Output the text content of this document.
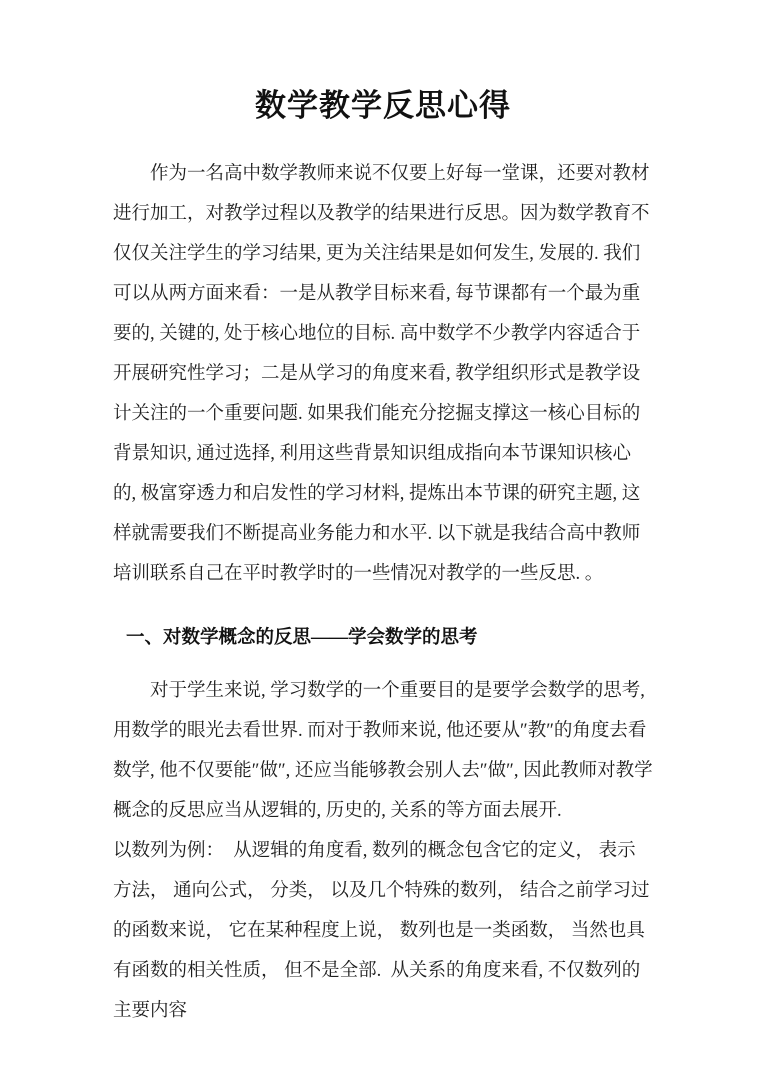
数学教学反思心得

作为一名高中数学教师来说不仅要上好每一堂课，还要对教材进行加工，对教学过程以及教学的结果进行反思。因为数学教育不仅仅关注学生的学习结果, 更为关注结果是如何发生, 发展的. 我们可以从两方面来看：一是从教学目标来看, 每节课都有一个最为重要的, 关键的, 处于核心地位的目标. 高中数学不少教学内容适合于开展研究性学习；二是从学习的角度来看, 教学组织形式是教学设计关注的一个重要问题. 如果我们能充分挖掘支撑这一核心目标的背景知识, 通过选择, 利用这些背景知识组成指向本节课知识核心的, 极富穿透力和启发性的学习材料, 提炼出本节课的研究主题, 这样就需要我们不断提高业务能力和水平. 以下就是我结合高中教师培训联系自己在平时教学时的一些情况对教学的一些反思. 。

一、对数学概念的反思——学会数学的思考

对于学生来说, 学习数学的一个重要目的是要学会数学的思考, 用数学的眼光去看世界. 而对于教师来说, 他还要从″教″的角度去看数学, 他不仅要能″做″, 还应当能够教会别人去″做″, 因此教师对教学概念的反思应当从逻辑的, 历史的, 关系的等方面去展开.

以数列为例：  从逻辑的角度看, 数列的概念包含它的定义， 表示方法， 通向公式， 分类， 以及几个特殊的数列， 结合之前学习过的函数来说， 它在某种程度上说， 数列也是一类函数， 当然也具有函数的相关性质， 但不是全部.  从关系的角度来看, 不仅数列的主要内容
